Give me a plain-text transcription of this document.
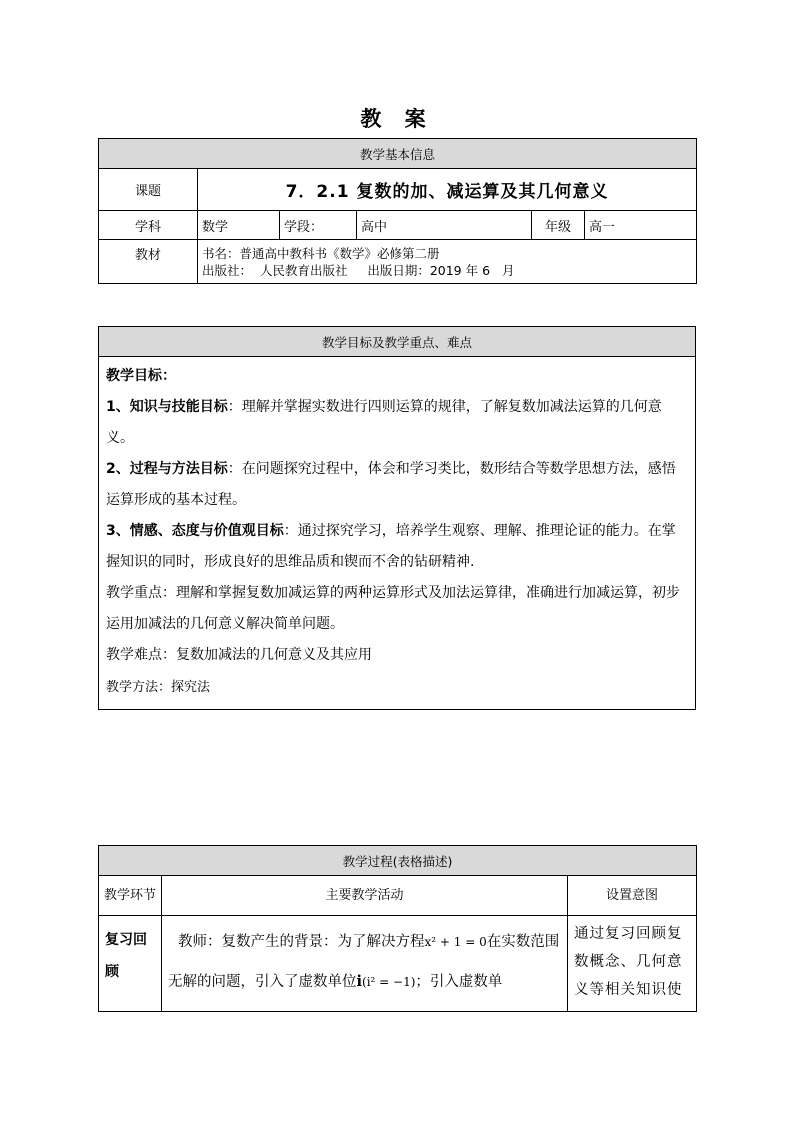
教 案
教学基本信息					
课题	7．2.1 复数的加、减运算及其几何意义				
学科	数学	学段：	高中	年级	高一
教材	书名：普通高中教科书《数学》必修第二册
出版社：  人民教育出版社     出版日期：2019 年 6   月				
教学目标及教学重点、难点

教学目标：

1、知识与技能目标：理解并掌握实数进行四则运算的规律，了解复数加减法运算的几何意义。

2、过程与方法目标：在问题探究过程中，体会和学习类比，数形结合等数学思想方法，感悟运算形成的基本过程。

3、情感、态度与价值观目标：通过探究学习，培养学生观察、理解、推理论证的能力。在掌握知识的同时，形成良好的思维品质和锲而不舍的钻研精神.

教学重点：理解和掌握复数加减运算的两种运算形式及加法运算律，准确进行加减运算，初步运用加减法的几何意义解决简单问题。

教学难点：复数加减法的几何意义及其应用

教学方法：探究法

教学过程(表格描述)		
教学环节	主要教学活动	设置意图
复习回顾	教师：复数产生的背景：为了解决方程x² + 1 = 0在实数范围无解的问题，引入了虚数单位i(i² = −1)；引入虚数单	通过复习回顾复数概念、几何意义等相关知识使
